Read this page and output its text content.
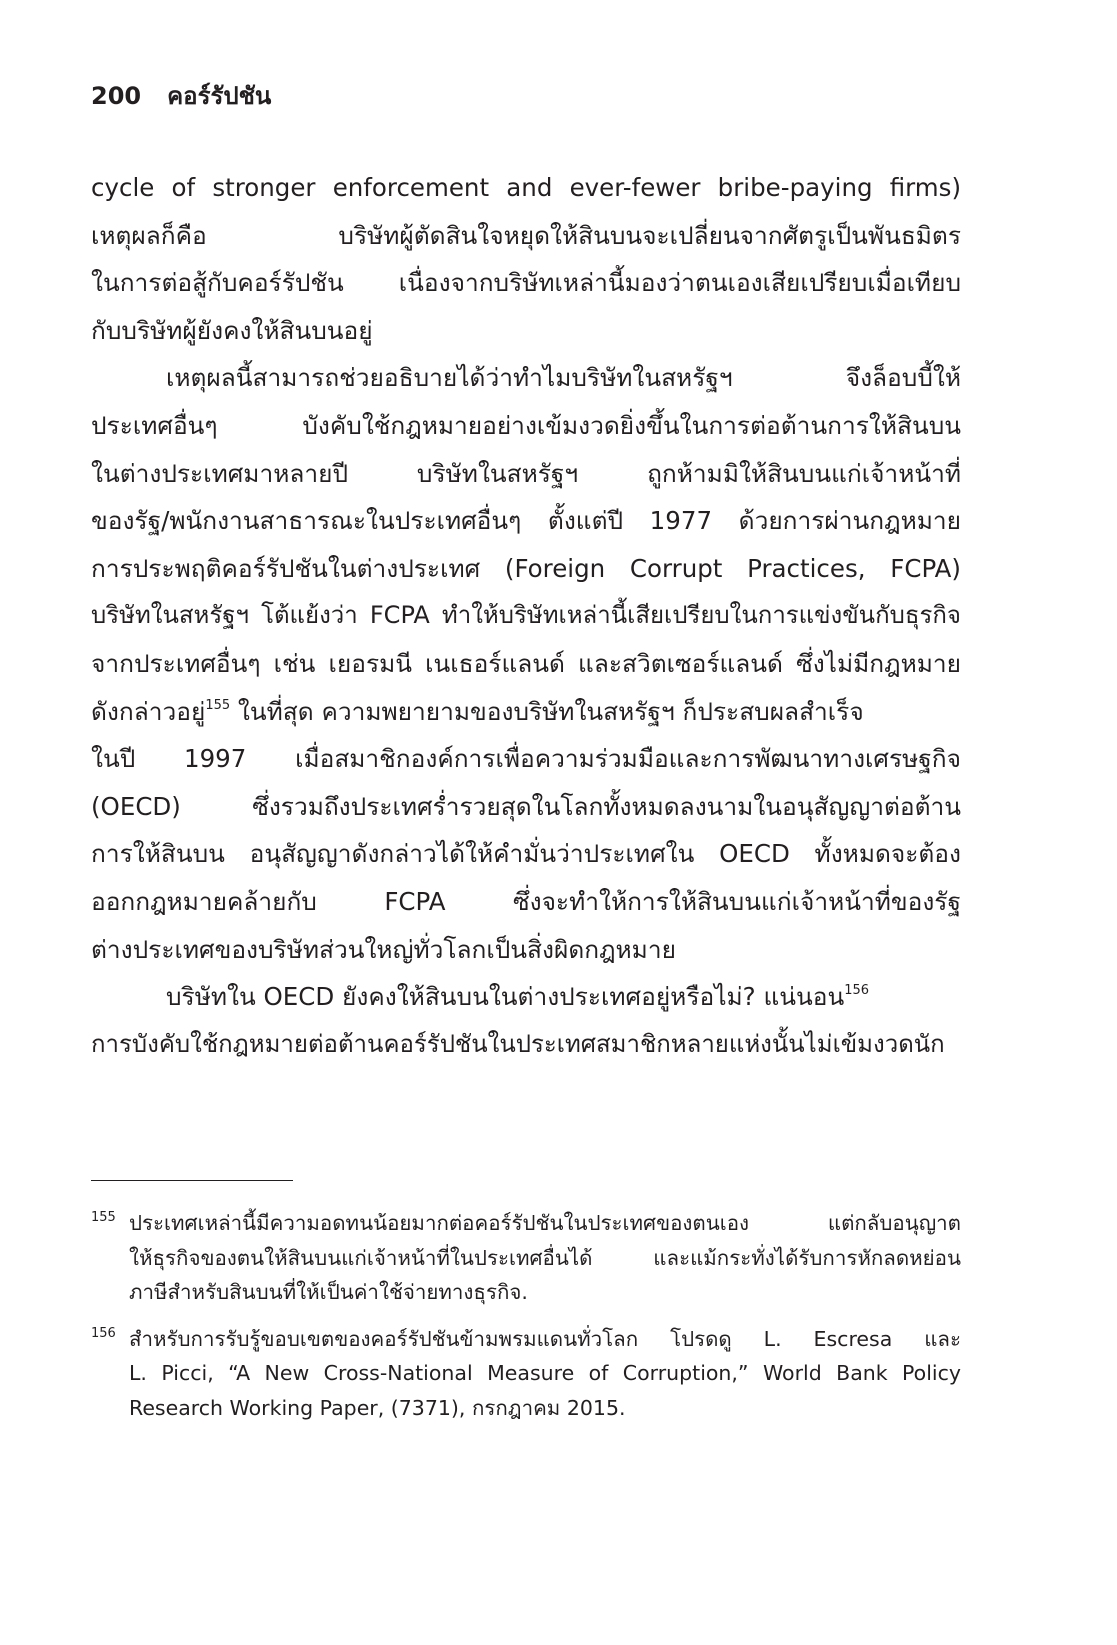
200 คอร์รัปชัน
cycle of stronger enforcement and ever-fewer bribe-paying firms)
เหตุผลก็คือ บริษัทผู้ตัดสินใจหยุดให้สินบนจะเปลี่ยนจากศัตรูเป็นพันธมิตร
ในการต่อสู้กับคอร์รัปชัน เนื่องจากบริษัทเหล่านี้มองว่าตนเองเสียเปรียบเมื่อเทียบ
กับบริษัทผู้ยังคงให้สินบนอยู่
เหตุผลนี้สามารถช่วยอธิบายได้ว่าทำไมบริษัทในสหรัฐฯ จึงล็อบบี้ให้
ประเทศอื่นๆ บังคับใช้กฎหมายอย่างเข้มงวดยิ่งขึ้นในการต่อต้านการให้สินบน
ในต่างประเทศมาหลายปี บริษัทในสหรัฐฯ ถูกห้ามมิให้สินบนแก่เจ้าหน้าที่
ของรัฐ/พนักงานสาธารณะในประเทศอื่นๆ ตั้งแต่ปี 1977 ด้วยการผ่านกฎหมาย
การประพฤติคอร์รัปชันในต่างประเทศ (Foreign Corrupt Practices, FCPA)
บริษัทในสหรัฐฯ โต้แย้งว่า FCPA ทำให้บริษัทเหล่านี้เสียเปรียบในการแข่งขันกับธุรกิจ
จากประเทศอื่นๆ เช่น เยอรมนี เนเธอร์แลนด์ และสวิตเซอร์แลนด์ ซึ่งไม่มีกฎหมาย
ดังกล่าวอยู่$^{155}$ ในที่สุด ความพยายามของบริษัทในสหรัฐฯ ก็ประสบผลสำเร็จ
ในปี 1997 เมื่อสมาชิกองค์การเพื่อความร่วมมือและการพัฒนาทางเศรษฐกิจ
(OECD) ซึ่งรวมถึงประเทศร่ำรวยสุดในโลกทั้งหมดลงนามในอนุสัญญาต่อต้าน
การให้สินบน อนุสัญญาดังกล่าวได้ให้คำมั่นว่าประเทศใน OECD ทั้งหมดจะต้อง
ออกกฎหมายคล้ายกับ FCPA ซึ่งจะทำให้การให้สินบนแก่เจ้าหน้าที่ของรัฐ
ต่างประเทศของบริษัทส่วนใหญ่ทั่วโลกเป็นสิ่งผิดกฎหมาย
บริษัทใน OECD ยังคงให้สินบนในต่างประเทศอยู่หรือไม่? แน่นอน$^{156}$
การบังคับใช้กฎหมายต่อต้านคอร์รัปชันในประเทศสมาชิกหลายแห่งนั้นไม่เข้มงวดนัก
155 ประเทศเหล่านี้มีความอดทนน้อยมากต่อคอร์รัปชันในประเทศของตนเอง แต่กลับอนุญาต
ให้ธุรกิจของตนให้สินบนแก่เจ้าหน้าที่ในประเทศอื่นได้ และแม้กระทั่งได้รับการหักลดหย่อน
ภาษีสำหรับสินบนที่ให้เป็นค่าใช้จ่ายทางธุรกิจ.
156 สำหรับการรับรู้ขอบเขตของคอร์รัปชันข้ามพรมแดนทั่วโลก โปรดดู L. Escresa และ
L. Picci, “A New Cross-National Measure of Corruption,” World Bank Policy
Research Working Paper, (7371), กรกฎาคม 2015.
